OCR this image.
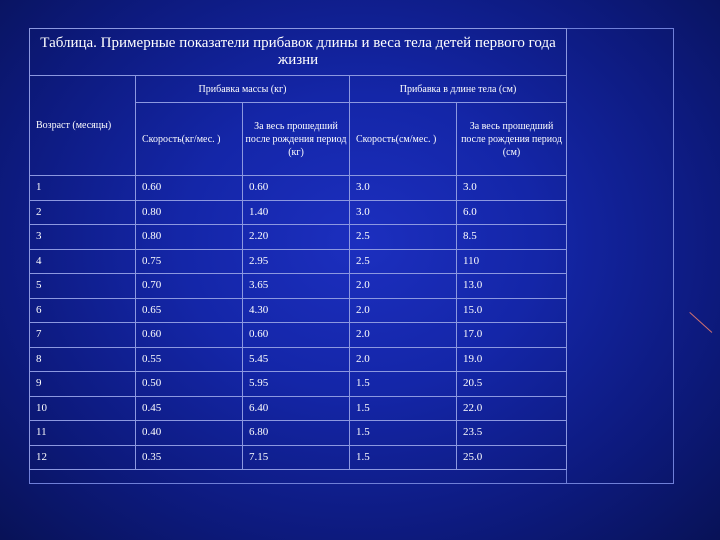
Таблица. Примерные показатели прибавок длины и веса тела детей первого года жизни				
Возраст (месяцы)	Прибавка массы (кг)		Прибавка в длине тела (см)	
	Скорость(кг/мес. )	За весь прошедший после рождения период (кг)	Скорость(см/мес. )	За весь прошедший после рождения период (см)
1	0.60	0.60	3.0	3.0
2	0.80	1.40	3.0	6.0
3	0.80	2.20	2.5	8.5
4	0.75	2.95	2.5	110
5	0.70	3.65	2.0	13.0
6	0.65	4.30	2.0	15.0
7	0.60	0.60	2.0	17.0
8	0.55	5.45	2.0	19.0
9	0.50	5.95	1.5	20.5
10	0.45	6.40	1.5	22.0
11	0.40	6.80	1.5	23.5
12	0.35	7.15	1.5	25.0
